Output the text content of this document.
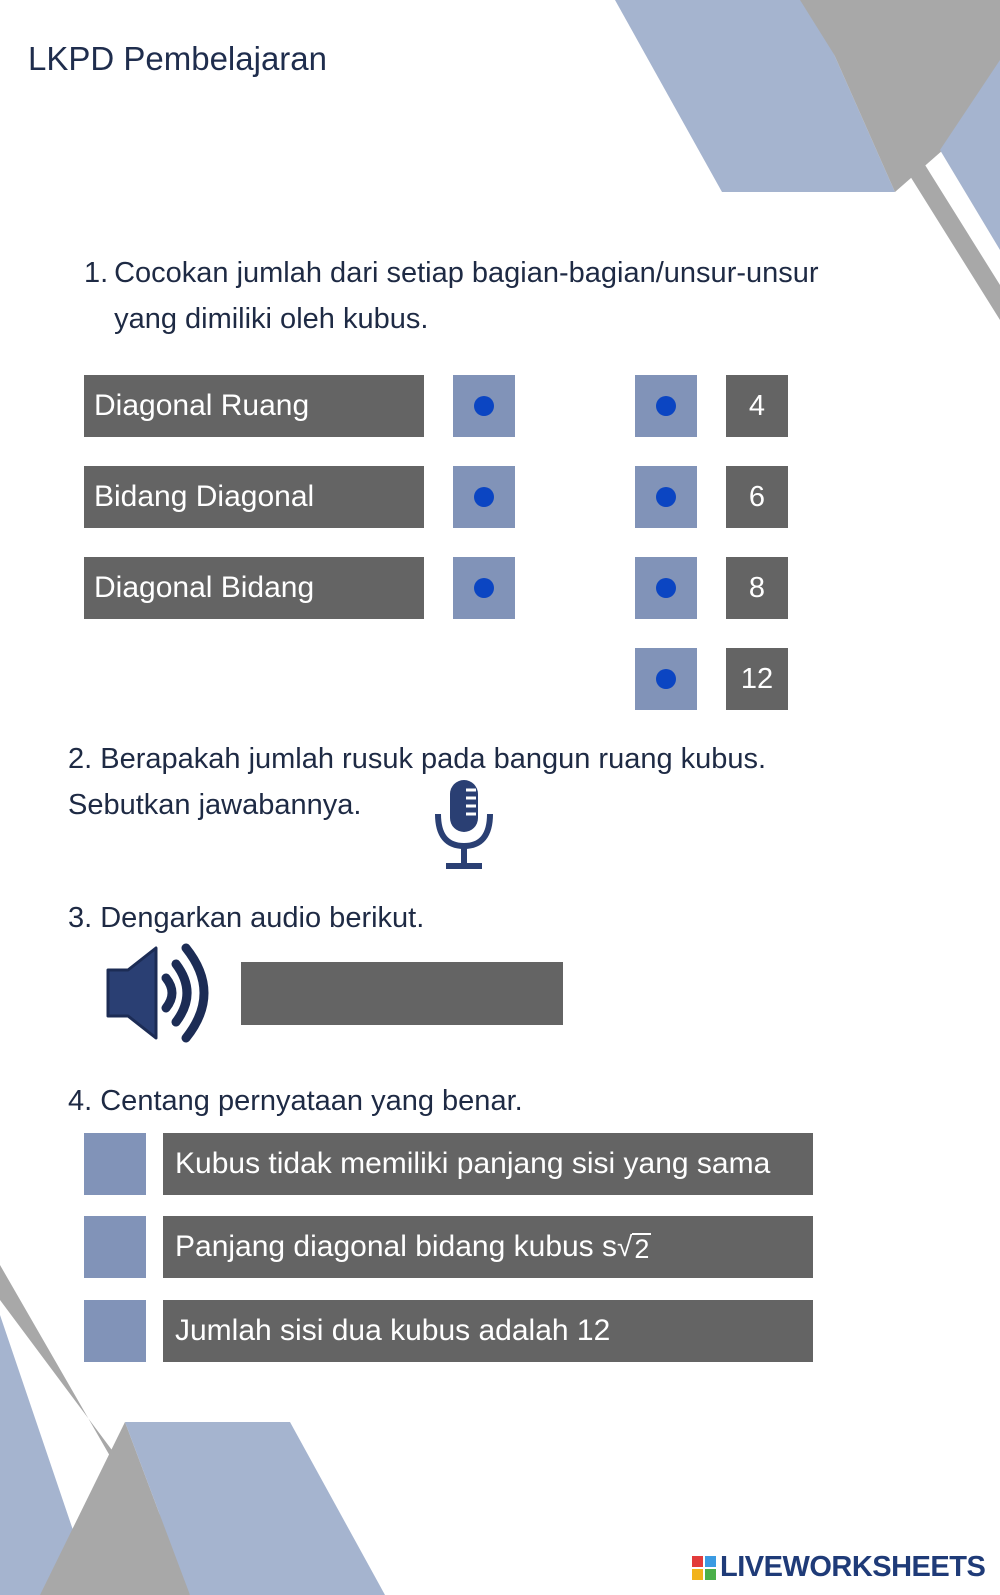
LKPD Pembelajaran
1. Cocokan jumlah dari setiap bagian-bagian/unsur-unsur
yang dimiliki oleh kubus.
Diagonal Ruang
Bidang Diagonal
Diagonal Bidang
4
6
8
12
2. Berapakah jumlah rusuk pada bangun ruang kubus.
Sebutkan jawabannya.
3. Dengarkan audio berikut.
4. Centang pernyataan yang benar.
Kubus tidak memiliki panjang sisi yang sama
Panjang diagonal bidang kubus s √ 2
Jumlah sisi dua kubus adalah 12
LIVEWORKSHEETS
